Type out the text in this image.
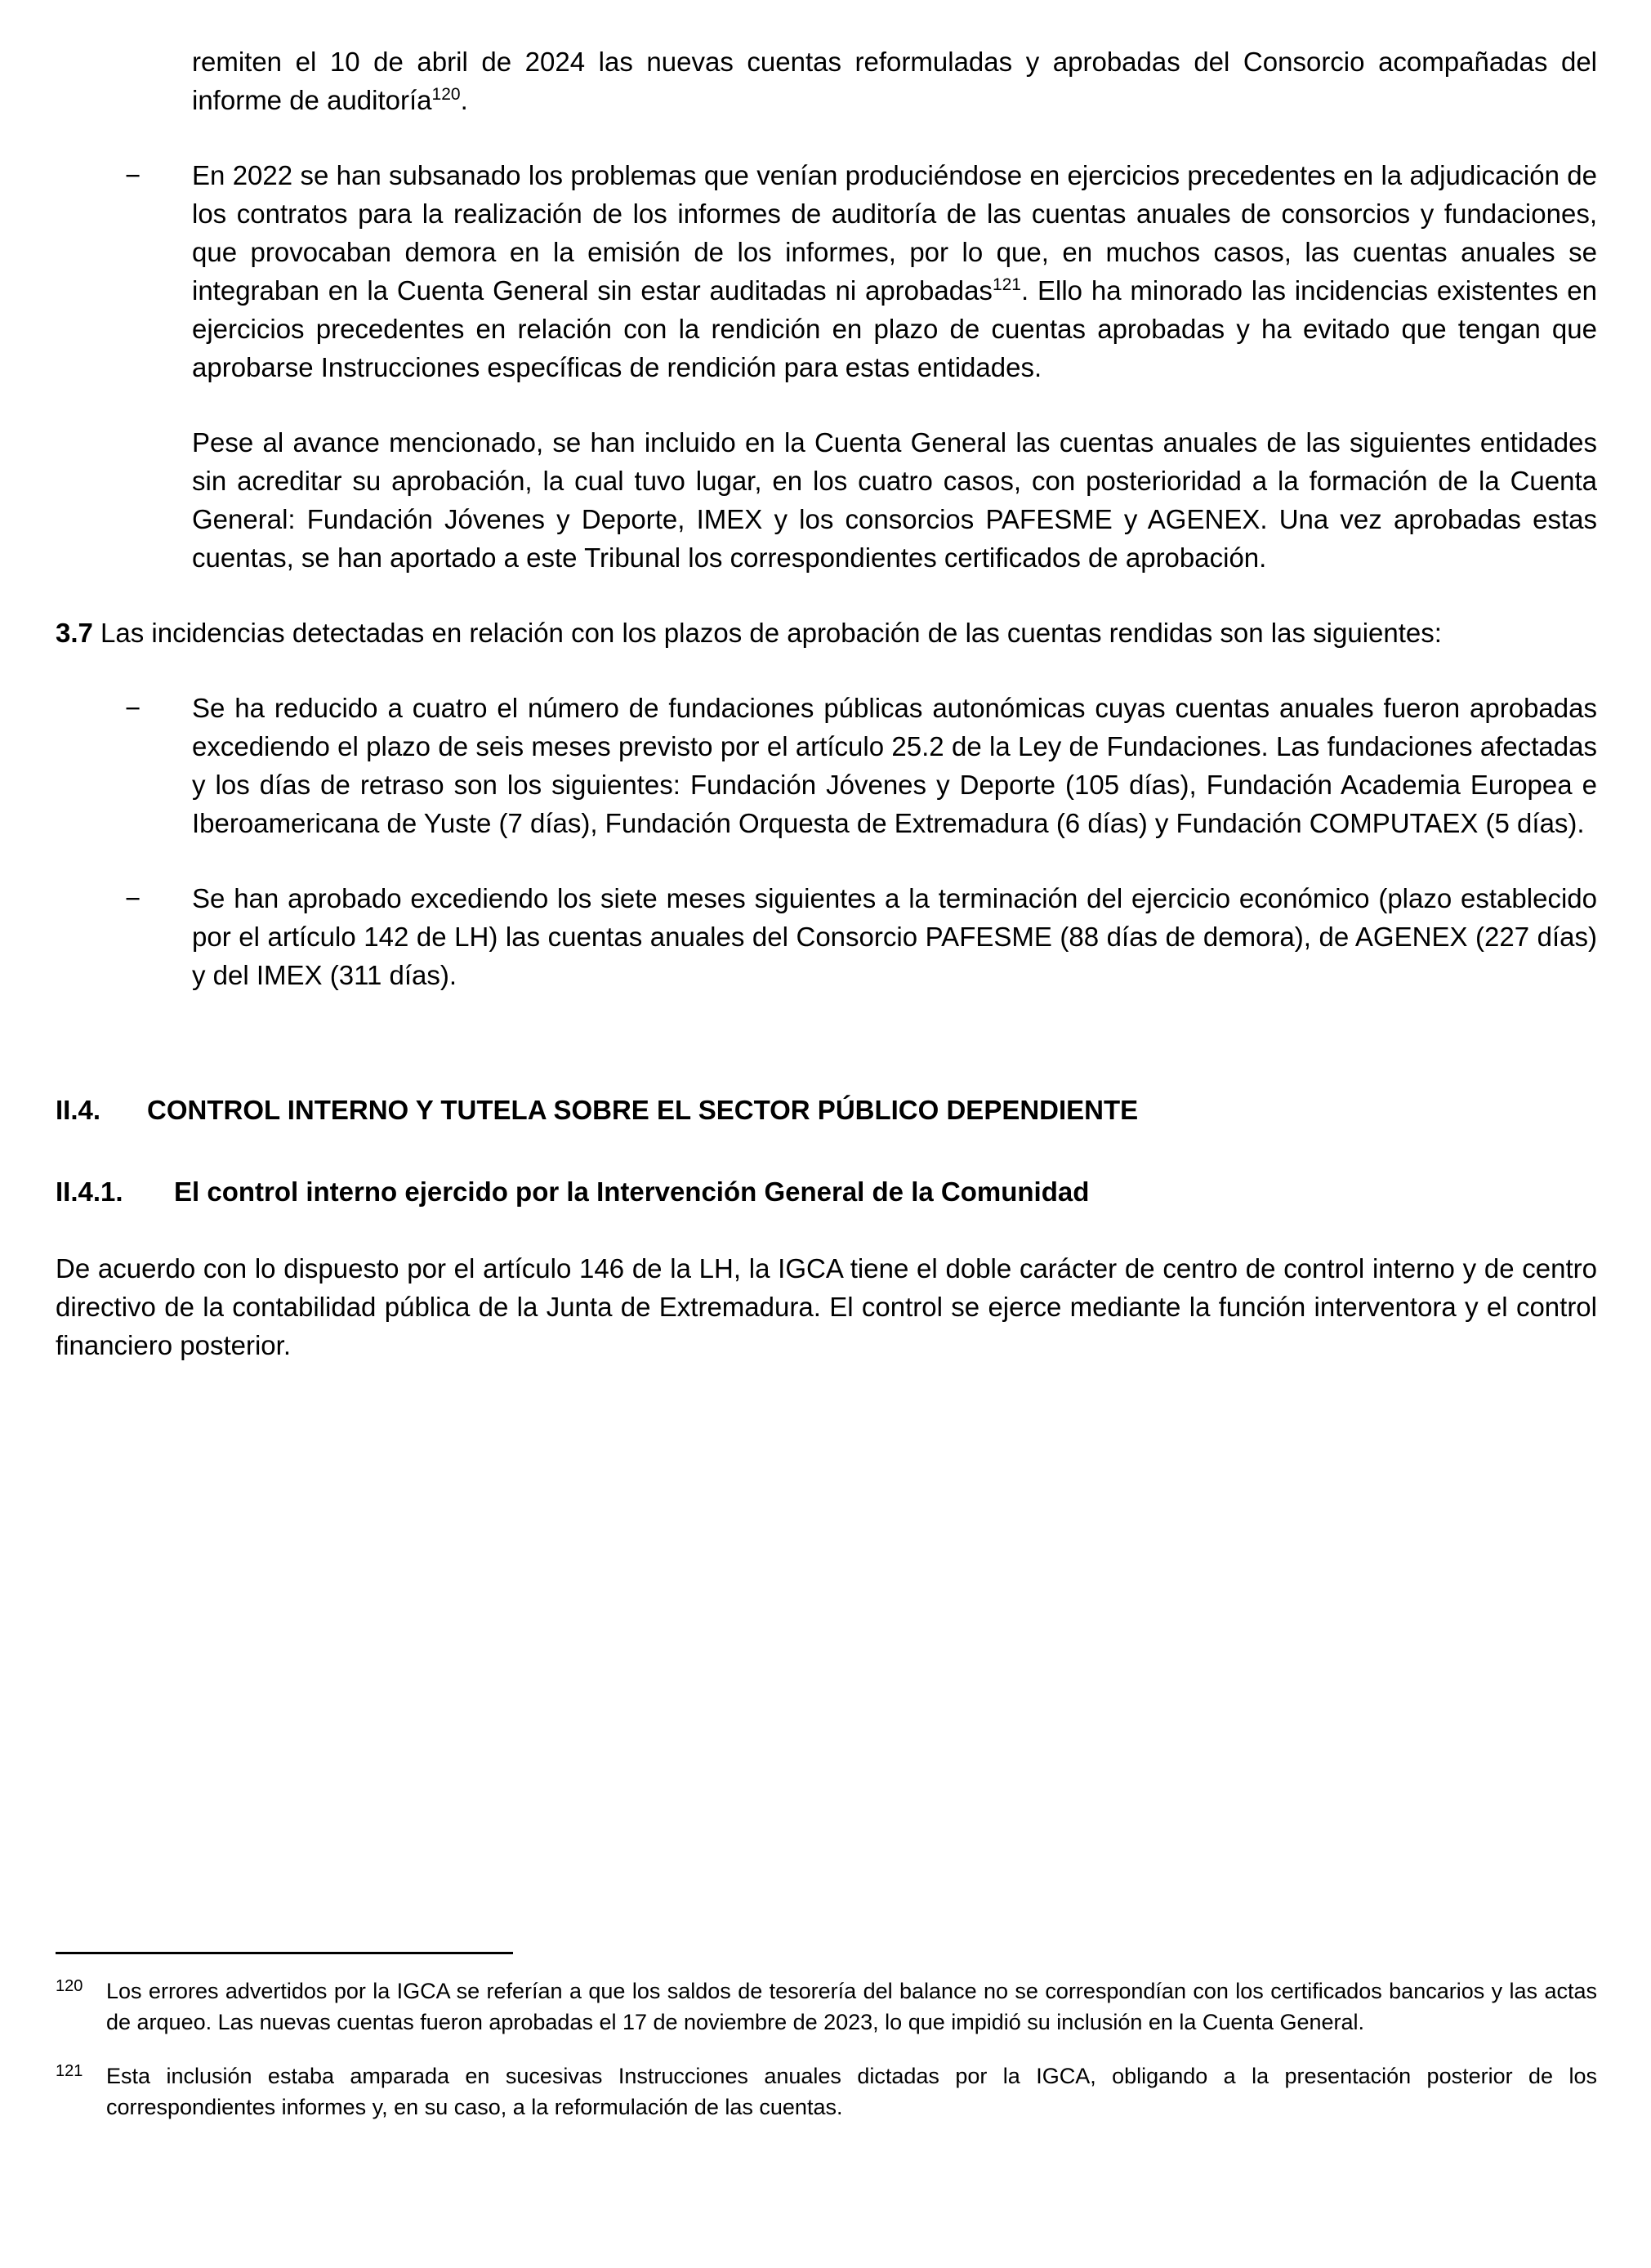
remiten el 10 de abril de 2024 las nuevas cuentas reformuladas y aprobadas del Consorcio acompañadas del informe de auditoría$^{120}$.

− En 2022 se han subsanado los problemas que venían produciéndose en ejercicios precedentes en la adjudicación de los contratos para la realización de los informes de auditoría de las cuentas anuales de consorcios y fundaciones, que provocaban demora en la emisión de los informes, por lo que, en muchos casos, las cuentas anuales se integraban en la Cuenta General sin estar auditadas ni aprobadas$^{121}$. Ello ha minorado las incidencias existentes en ejercicios precedentes en relación con la rendición en plazo de cuentas aprobadas y ha evitado que tengan que aprobarse Instrucciones específicas de rendición para estas entidades.

Pese al avance mencionado, se han incluido en la Cuenta General las cuentas anuales de las siguientes entidades sin acreditar su aprobación, la cual tuvo lugar, en los cuatro casos, con posterioridad a la formación de la Cuenta General: Fundación Jóvenes y Deporte, IMEX y los consorcios PAFESME y AGENEX. Una vez aprobadas estas cuentas, se han aportado a este Tribunal los correspondientes certificados de aprobación.

3.7 Las incidencias detectadas en relación con los plazos de aprobación de las cuentas rendidas son las siguientes:

− Se ha reducido a cuatro el número de fundaciones públicas autonómicas cuyas cuentas anuales fueron aprobadas excediendo el plazo de seis meses previsto por el artículo 25.2 de la Ley de Fundaciones. Las fundaciones afectadas y los días de retraso son los siguientes: Fundación Jóvenes y Deporte (105 días), Fundación Academia Europea e Iberoamericana de Yuste (7 días), Fundación Orquesta de Extremadura (6 días) y Fundación COMPUTAEX (5 días).
− Se han aprobado excediendo los siete meses siguientes a la terminación del ejercicio económico (plazo establecido por el artículo 142 de LH) las cuentas anuales del Consorcio PAFESME (88 días de demora), de AGENEX (227 días) y del IMEX (311 días).
II.4.	CONTROL INTERNO Y TUTELA SOBRE EL SECTOR PÚBLICO DEPENDIENTE
II.4.1.	El control interno ejercido por la Intervención General de la Comunidad

De acuerdo con lo dispuesto por el artículo 146 de la LH, la IGCA tiene el doble carácter de centro de control interno y de centro directivo de la contabilidad pública de la Junta de Extremadura. El control se ejerce mediante la función interventora y el control financiero posterior.

120 Los errores advertidos por la IGCA se referían a que los saldos de tesorería del balance no se correspondían con los certificados bancarios y las actas de arqueo. Las nuevas cuentas fueron aprobadas el 17 de noviembre de 2023, lo que impidió su inclusión en la Cuenta General.

121 Esta inclusión estaba amparada en sucesivas Instrucciones anuales dictadas por la IGCA, obligando a la presentación posterior de los correspondientes informes y, en su caso, a la reformulación de las cuentas.
